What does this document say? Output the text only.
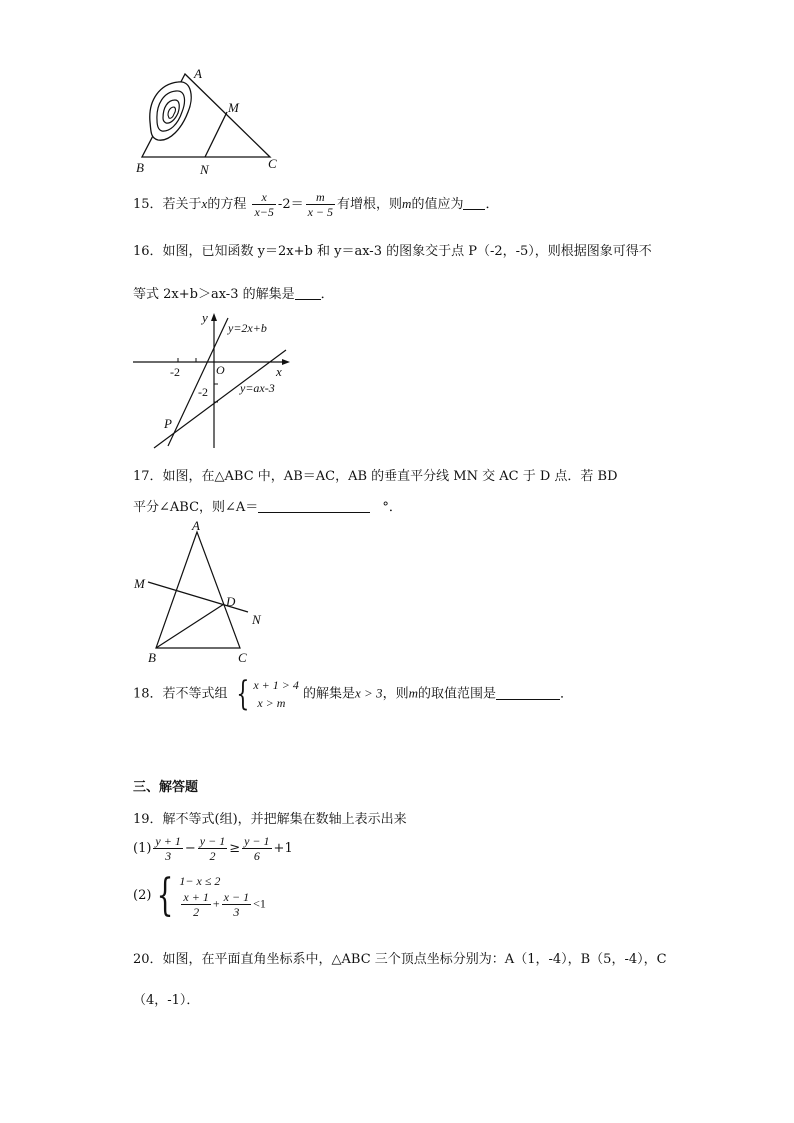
A
M
B	N	C
15．若关于x的方程 $\frac{x}{x-5} -2= \frac{m}{x - 5}$ 有增根，则m的值应为 ．
16．如图，已知函数 y＝2x+b 和 y＝ax-3 的图象交于点 P（-2，-5），则根据图象可得不
等式 2x+b＞ax-3 的解集是 ．
y
x
O
-2
-2
P
y=2x+b
y=ax-3
17．如图，在△ABC 中，AB＝AC，AB 的垂直平分线 MN 交 AC 于 D 点．若 BD
平分∠ABC，则∠A＝	°．
A
M
D
N
B	C
18．若不等式组 { x + 1 > 4
x > m
的解集是x > 3，则m的取值范围是	．
三、解答题
19．解不等式(组)，并把解集在数轴上表示出来
$(1) \frac{y + 1}{3} - \frac{y - 1}{2} \ge \frac{y - 1}{6} +1$
(2) { 1− x ≤ 2
$\frac{x + 1}{2} + \frac{x - 1}{3} <1$
20．如图，在平面直角坐标系中，△ABC 三个顶点坐标分别为：A（1，-4），B（5，-4），C
（4，-1）．
